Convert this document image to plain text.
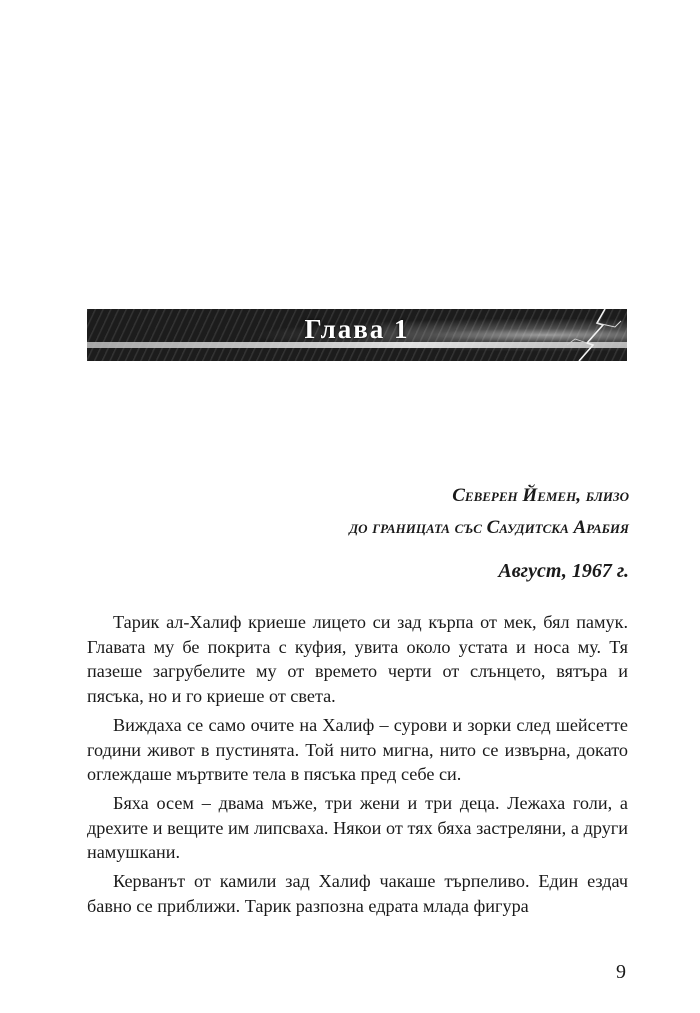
Глава 1
Северен Йемен, близо
до границата със Саудитска Арабия
Август, 1967 г.

Тарик ал-Халиф криеше лицето си зад кърпа от мек, бял памук. Главата му бе покрита с куфия, увита около устата и носа му. Тя пазеше загрубелите му от времето черти от слънцето, вятъра и пясъка, но и го криеше от света.

Виждаха се само очите на Халиф – сурови и зорки след шейсетте години живот в пустинята. Той нито мигна, нито се извърна, докато оглеждаше мъртвите тела в пясъка пред себе си.

Бяха осем – двама мъже, три жени и три деца. Лежаха голи, а дрехите и вещите им липсваха. Някои от тях бяха застреляни, а други намушкани.

Керванът от камили зад Халиф чакаше търпеливо. Един ездач бавно се приближи. Тарик разпозна едрата млада фигура

9
